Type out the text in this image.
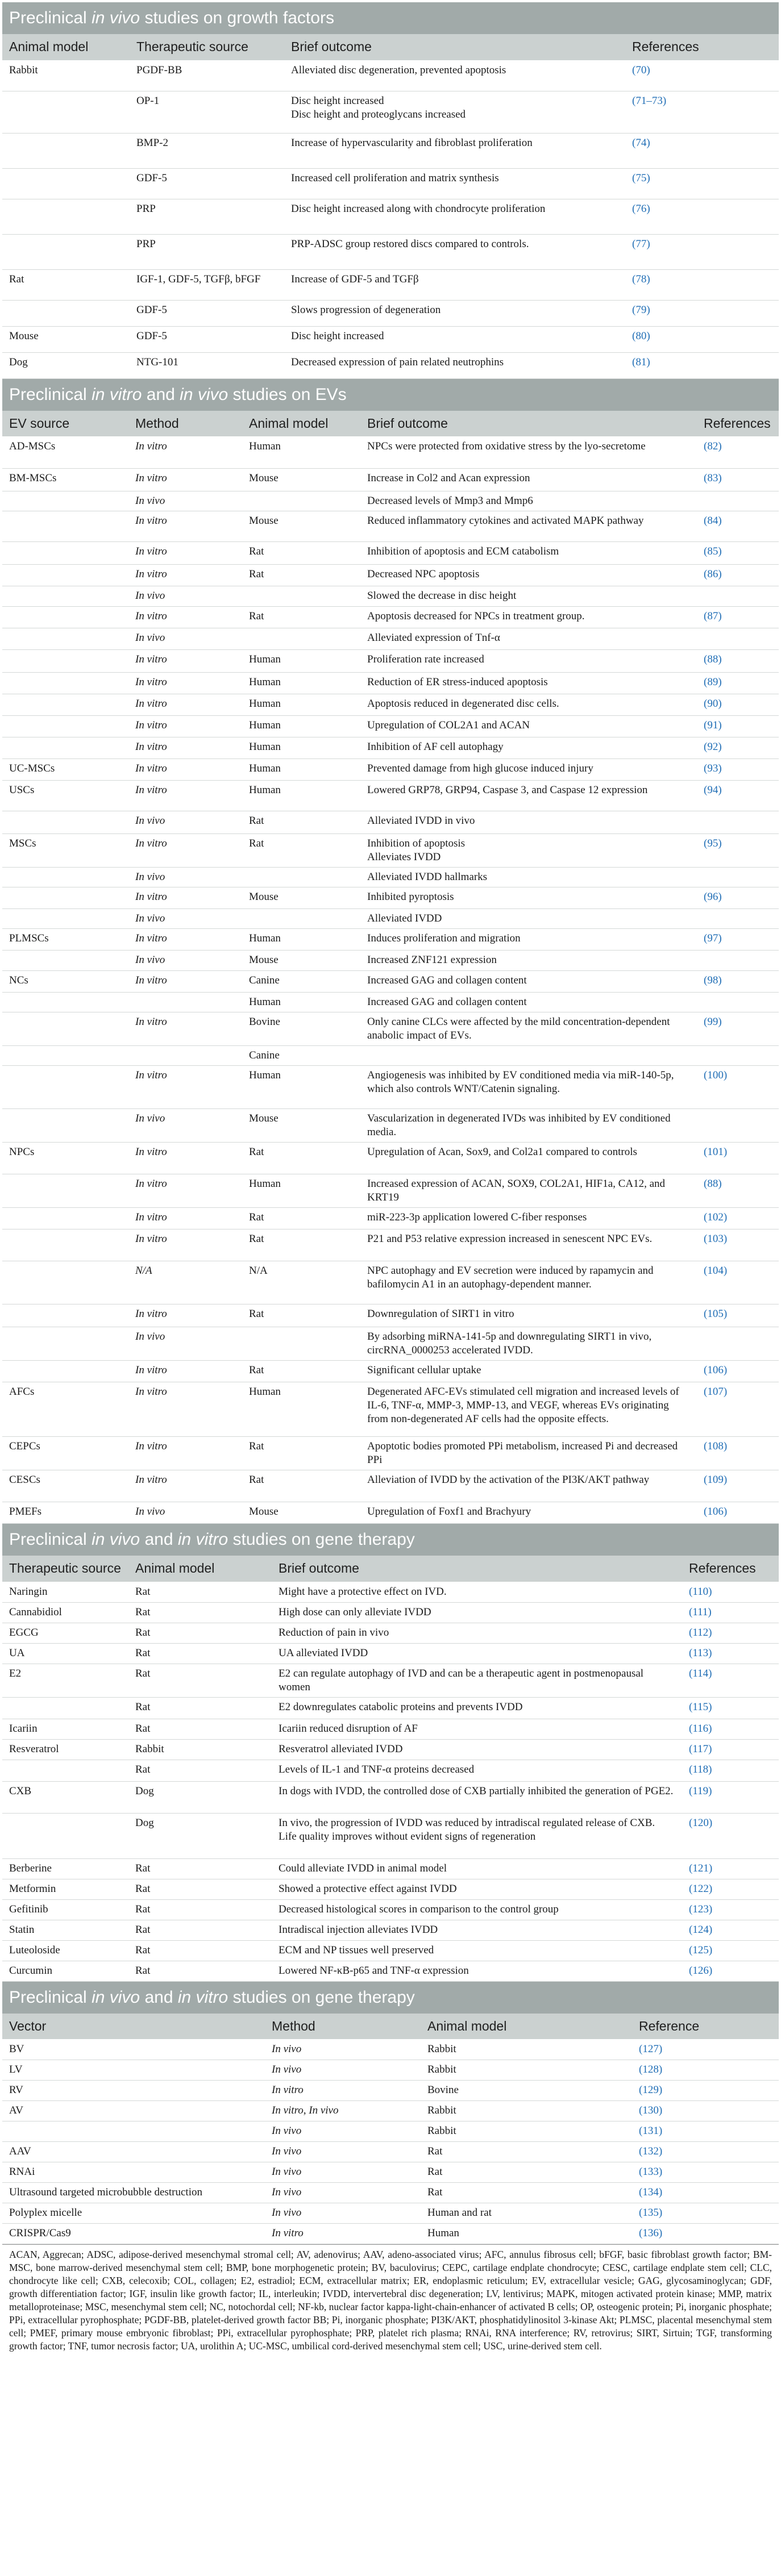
Preclinical in vivo studies on growth factors
Animal model	Therapeutic source	Brief outcome	References
Rabbit	PGDF-BB	Alleviated disc degeneration, prevented apoptosis	(70)
	OP-1	Disc height increased
Disc height and proteoglycans increased	(71–73)
	BMP-2	Increase of hypervascularity and fibroblast proliferation	(74)
	GDF-5	Increased cell proliferation and matrix synthesis	(75)
	PRP	Disc height increased along with chondrocyte proliferation	(76)
	PRP	PRP-ADSC group restored discs compared to controls.	(77)
Rat	IGF-1, GDF-5, TGFβ, bFGF	Increase of GDF-5 and TGFβ	(78)
	GDF-5	Slows progression of degeneration	(79)
Mouse	GDF-5	Disc height increased	(80)
Dog	NTG-101	Decreased expression of pain related neutrophins	(81)
Preclinical in vitro and in vivo studies on EVs
EV source	Method	Animal model	Brief outcome	References
AD-MSCs	In vitro	Human	NPCs were protected from oxidative stress by the lyo-secretome	(82)
BM-MSCs	In vitro	Mouse	Increase in Col2 and Acan expression	(83)
	In vivo		Decreased levels of Mmp3 and Mmp6	
	In vitro	Mouse	Reduced inflammatory cytokines and activated MAPK pathway	(84)
	In vitro	Rat	Inhibition of apoptosis and ECM catabolism	(85)
	In vitro	Rat	Decreased NPC apoptosis	(86)
	In vivo		Slowed the decrease in disc height	
	In vitro	Rat	Apoptosis decreased for NPCs in treatment group.	(87)
	In vivo		Alleviated expression of Tnf-α	
	In vitro	Human	Proliferation rate increased	(88)
	In vitro	Human	Reduction of ER stress-induced apoptosis	(89)
	In vitro	Human	Apoptosis reduced in degenerated disc cells.	(90)
	In vitro	Human	Upregulation of COL2A1 and ACAN	(91)
	In vitro	Human	Inhibition of AF cell autophagy	(92)
UC-MSCs	In vitro	Human	Prevented damage from high glucose induced injury	(93)
USCs	In vitro	Human	Lowered GRP78, GRP94, Caspase 3, and Caspase 12 expression	(94)
	In vivo	Rat	Alleviated IVDD in vivo	
MSCs	In vitro	Rat	Inhibition of apoptosis
Alleviates IVDD	(95)
	In vivo		Alleviated IVDD hallmarks	
	In vitro	Mouse	Inhibited pyroptosis	(96)
	In vivo		Alleviated IVDD	
PLMSCs	In vitro	Human	Induces proliferation and migration	(97)
	In vivo	Mouse	Increased ZNF121 expression	
NCs	In vitro	Canine	Increased GAG and collagen content	(98)
		Human	Increased GAG and collagen content	
	In vitro	Bovine	Only canine CLCs were affected by the mild concentration-dependent anabolic impact of EVs.	(99)
		Canine		
	In vitro	Human	Angiogenesis was inhibited by EV conditioned media via miR-140-5p, which also controls WNT/Catenin signaling.	(100)
	In vivo	Mouse	Vascularization in degenerated IVDs was inhibited by EV conditioned media.	
NPCs	In vitro	Rat	Upregulation of Acan, Sox9, and Col2a1 compared to controls	(101)
	In vitro	Human	Increased expression of ACAN, SOX9, COL2A1, HIF1a, CA12, and KRT19	(88)
	In vitro	Rat	miR-223-3p application lowered C-fiber responses	(102)
	In vitro	Rat	P21 and P53 relative expression increased in senescent NPC EVs.	(103)
	N/A	N/A	NPC autophagy and EV secretion were induced by rapamycin and bafilomycin A1 in an autophagy-dependent manner.	(104)
	In vitro	Rat	Downregulation of SIRT1 in vitro	(105)
	In vivo		By adsorbing miRNA-141-5p and downregulating SIRT1 in vivo, circRNA_0000253 accelerated IVDD.	
	In vitro	Rat	Significant cellular uptake	(106)
AFCs	In vitro	Human	Degenerated AFC-EVs stimulated cell migration and increased levels of IL-6, TNF-α, MMP-3, MMP-13, and VEGF, whereas EVs originating from non-degenerated AF cells had the opposite effects.	(107)
CEPCs	In vitro	Rat	Apoptotic bodies promoted PPi metabolism, increased Pi and decreased PPi	(108)
CESCs	In vitro	Rat	Alleviation of IVDD by the activation of the PI3K/AKT pathway	(109)
PMEFs	In vivo	Mouse	Upregulation of Foxf1 and Brachyury	(106)
Preclinical in vivo and in vitro studies on gene therapy
Therapeutic source	Animal model	Brief outcome	References
Naringin	Rat	Might have a protective effect on IVD.	(110)
Cannabidiol	Rat	High dose can only alleviate IVDD	(111)
EGCG	Rat	Reduction of pain in vivo	(112)
UA	Rat	UA alleviated IVDD	(113)
E2	Rat	E2 can regulate autophagy of IVD and can be a therapeutic agent in postmenopausal women	(114)
	Rat	E2 downregulates catabolic proteins and prevents IVDD	(115)
Icariin	Rat	Icariin reduced disruption of AF	(116)
Resveratrol	Rabbit	Resveratrol alleviated IVDD	(117)
	Rat	Levels of IL-1 and TNF-α proteins decreased	(118)
CXB	Dog	In dogs with IVDD, the controlled dose of CXB partially inhibited the generation of PGE2.	(119)
	Dog	In vivo, the progression of IVDD was reduced by intradiscal regulated release of CXB.
Life quality improves without evident signs of regeneration	(120)
Berberine	Rat	Could alleviate IVDD in animal model	(121)
Metformin	Rat	Showed a protective effect against IVDD	(122)
Gefitinib	Rat	Decreased histological scores in comparison to the control group	(123)
Statin	Rat	Intradiscal injection alleviates IVDD	(124)
Luteoloside	Rat	ECM and NP tissues well preserved	(125)
Curcumin	Rat	Lowered NF-κB-p65 and TNF-α expression	(126)
Preclinical in vivo and in vitro studies on gene therapy
Vector	Method	Animal model	Reference
BV	In vivo	Rabbit	(127)
LV	In vivo	Rabbit	(128)
RV	In vitro	Bovine	(129)
AV	In vitro, In vivo	Rabbit	(130)
	In vivo	Rabbit	(131)
AAV	In vivo	Rat	(132)
RNAi	In vivo	Rat	(133)
Ultrasound targeted microbubble destruction	In vivo	Rat	(134)
Polyplex micelle	In vivo	Human and rat	(135)
CRISPR/Cas9	In vitro	Human	(136)
ACAN, Aggrecan; ADSC, adipose-derived mesenchymal stromal cell; AV, adenovirus; AAV, adeno-associated virus; AFC, annulus fibrosus cell; bFGF, basic fibroblast growth factor; BM-MSC, bone marrow-derived mesenchymal stem cell; BMP, bone morphogenetic protein; BV, baculovirus; CEPC, cartilage endplate chondrocyte; CESC, cartilage endplate stem cell; CLC, chondrocyte like cell; CXB, celecoxib; COL, collagen; E2, estradiol; ECM, extracellular matrix; ER, endoplasmic reticulum; EV, extracellular vesicle; GAG, glycosaminoglycan; GDF, growth differentiation factor; IGF, insulin like growth factor; IL, interleukin; IVDD, intervertebral disc degeneration; LV, lentivirus; MAPK, mitogen activated protein kinase; MMP, matrix metalloproteinase; MSC, mesenchymal stem cell; NC, notochordal cell; NF-kb, nuclear factor kappa-light-chain-enhancer of activated B cells; OP, osteogenic protein; Pi, inorganic phosphate; PPi, extracellular pyrophosphate; PGDF-BB, platelet-derived growth factor BB; Pi, inorganic phosphate; PI3K/AKT, phosphatidylinositol 3-kinase Akt; PLMSC, placental mesenchymal stem cell; PMEF, primary mouse embryonic fibroblast; PPi, extracellular pyrophosphate; PRP, platelet rich plasma; RNAi, RNA interference; RV, retrovirus; SIRT, Sirtuin; TGF, transforming growth factor; TNF, tumor necrosis factor; UA, urolithin A; UC-MSC, umbilical cord-derived mesenchymal stem cell; USC, urine-derived stem cell.
